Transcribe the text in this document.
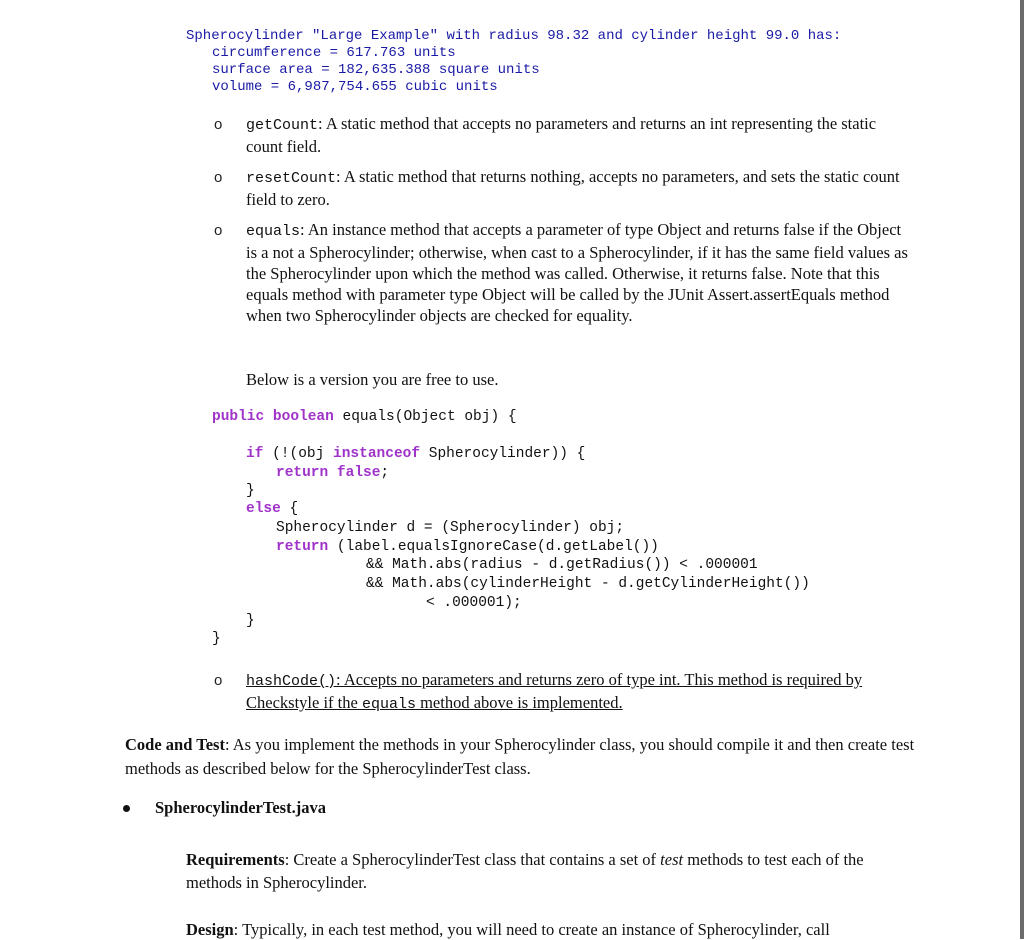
Spherocylinder "Large Example" with radius 98.32 and cylinder height 99.0 has:
circumference = 617.763 units
surface area = 182,635.388 square units
volume = 6,987,754.655 cubic units
o getCount: A static method that accepts no parameters and returns an int representing the static count field.
o resetCount: A static method that returns nothing, accepts no parameters, and sets the static count field to zero.
o equals: An instance method that accepts a parameter of type Object and returns false if the Object is a not a Spherocylinder; otherwise, when cast to a Spherocylinder, if it has the same field values as the Spherocylinder upon which the method was called. Otherwise, it returns false. Note that this equals method with parameter type Object will be called by the JUnit Assert.assertEquals method when two Spherocylinder objects are checked for equality.
Below is a version you are free to use.
public boolean equals(Object obj) {
if (!(obj instanceof Spherocylinder)) {
return false;
}
else {
Spherocylinder d = (Spherocylinder) obj;
return (label.equalsIgnoreCase(d.getLabel())
&& Math.abs(radius - d.getRadius()) < .000001
&& Math.abs(cylinderHeight - d.getCylinderHeight())
< .000001);
}
}
o hashCode(): Accepts no parameters and returns zero of type int. This method is required by Checkstyle if the equals method above is implemented.
Code and Test: As you implement the methods in your Spherocylinder class, you should compile it and then create test methods as described below for the SpherocylinderTest class.
SpherocylinderTest.java
Requirements: Create a SpherocylinderTest class that contains a set of test methods to test each of the methods in Spherocylinder.
Design: Typically, in each test method, you will need to create an instance of Spherocylinder, call
